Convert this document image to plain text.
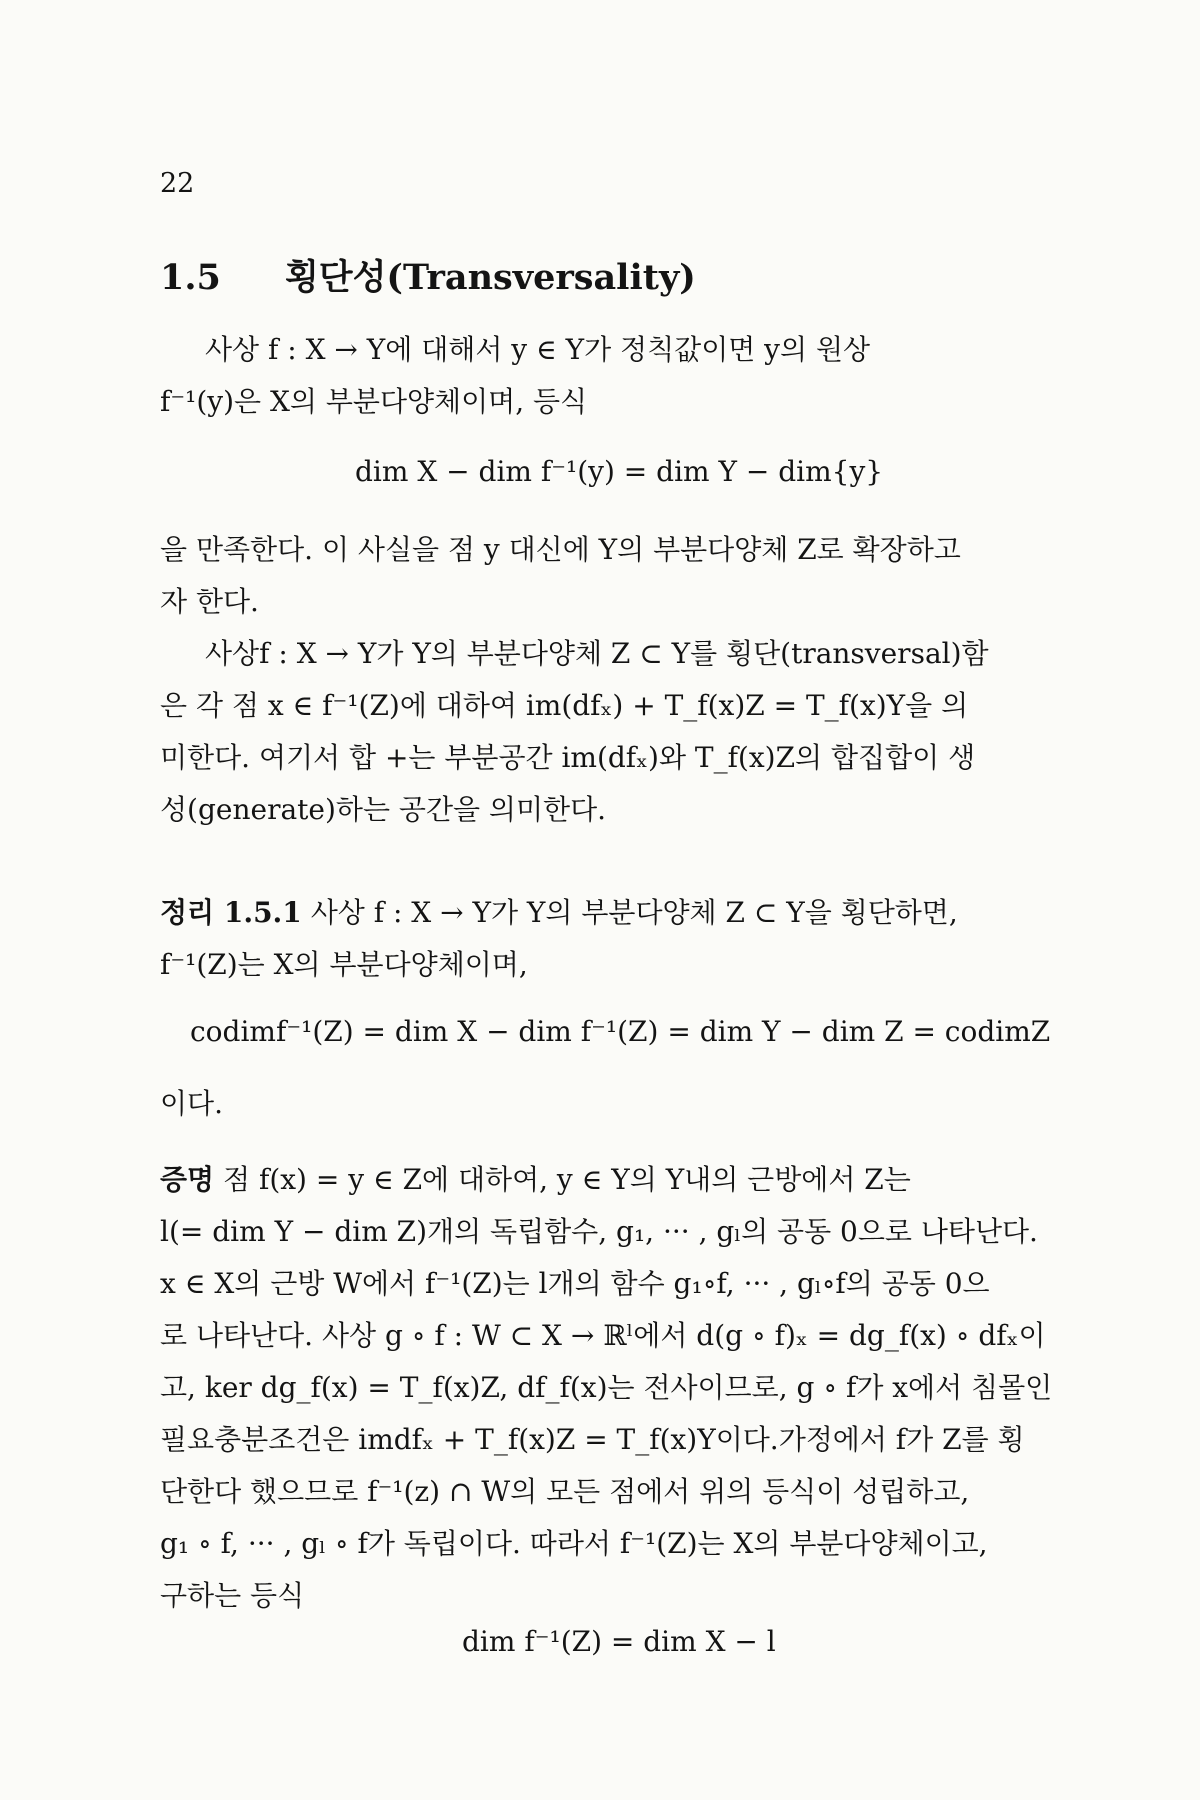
22
1.5 횡단성(Transversality)
사상 f : X → Y에 대해서 y ∈ Y가 정칙값이면 y의 원상
f⁻¹(y)은 X의 부분다양체이며, 등식
dim X − dim f⁻¹(y) = dim Y − dim{y}
을 만족한다. 이 사실을 점 y 대신에 Y의 부분다양체 Z로 확장하고
자 한다.
사상f : X → Y가 Y의 부분다양체 Z ⊂ Y를 횡단(transversal)함
은 각 점 x ∈ f⁻¹(Z)에 대하여 im(dfₓ) + T_f(x)Z = T_f(x)Y을 의
미한다. 여기서 합 +는 부분공간 im(dfₓ)와 T_f(x)Z의 합집합이 생
성(generate)하는 공간을 의미한다.
정리 1.5.1 사상 f : X → Y가 Y의 부분다양체 Z ⊂ Y을 횡단하면,
f⁻¹(Z)는 X의 부분다양체이며,
codimf⁻¹(Z) = dim X − dim f⁻¹(Z) = dim Y − dim Z = codimZ
이다.
증명 점 f(x) = y ∈ Z에 대하여, y ∈ Y의 Y내의 근방에서 Z는
l(= dim Y − dim Z)개의 독립함수, g₁, ··· , gₗ의 공동 0으로 나타난다.
x ∈ X의 근방 W에서 f⁻¹(Z)는 l개의 함수 g₁∘f, ··· , gₗ∘f의 공동 0으
로 나타난다. 사상 g ∘ f : W ⊂ X → ℝˡ에서 d(g ∘ f)ₓ = dg_f(x) ∘ dfₓ이
고, ker dg_f(x) = T_f(x)Z, df_f(x)는 전사이므로, g ∘ f가 x에서 침몰인
필요충분조건은 imdfₓ + T_f(x)Z = T_f(x)Y이다.가정에서 f가 Z를 횡
단한다 했으므로 f⁻¹(z) ∩ W의 모든 점에서 위의 등식이 성립하고,
g₁ ∘ f, ··· , gₗ ∘ f가 독립이다. 따라서 f⁻¹(Z)는 X의 부분다양체이고,
구하는 등식
dim f⁻¹(Z) = dim X − l
